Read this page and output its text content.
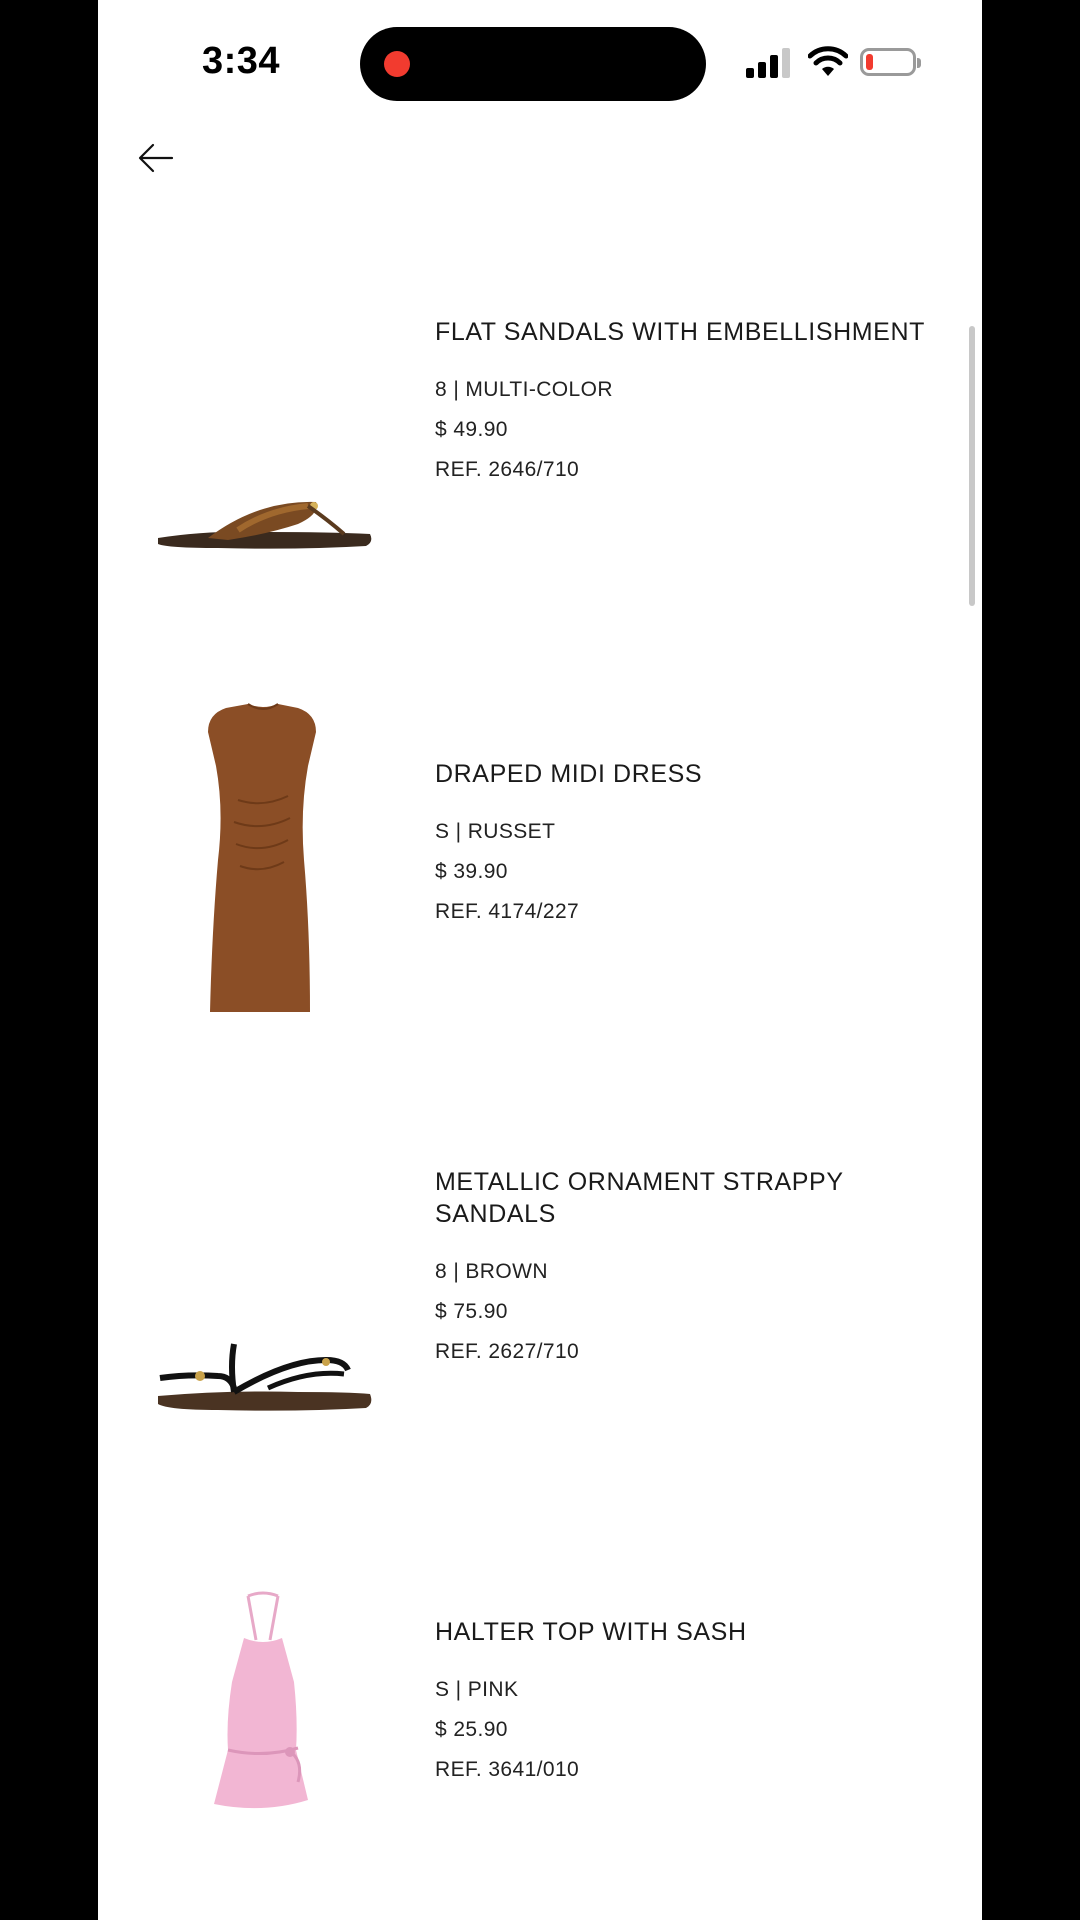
3:34
FLAT SANDALS WITH EMBELLISHMENT
8 | MULTI-COLOR
$ 49.90
REF. 2646/710
DRAPED MIDI DRESS
S | RUSSET
$ 39.90
REF. 4174/227
METALLIC ORNAMENT STRAPPY SANDALS
8 | BROWN
$ 75.90
REF. 2627/710
HALTER TOP WITH SASH
S | PINK
$ 25.90
REF. 3641/010
